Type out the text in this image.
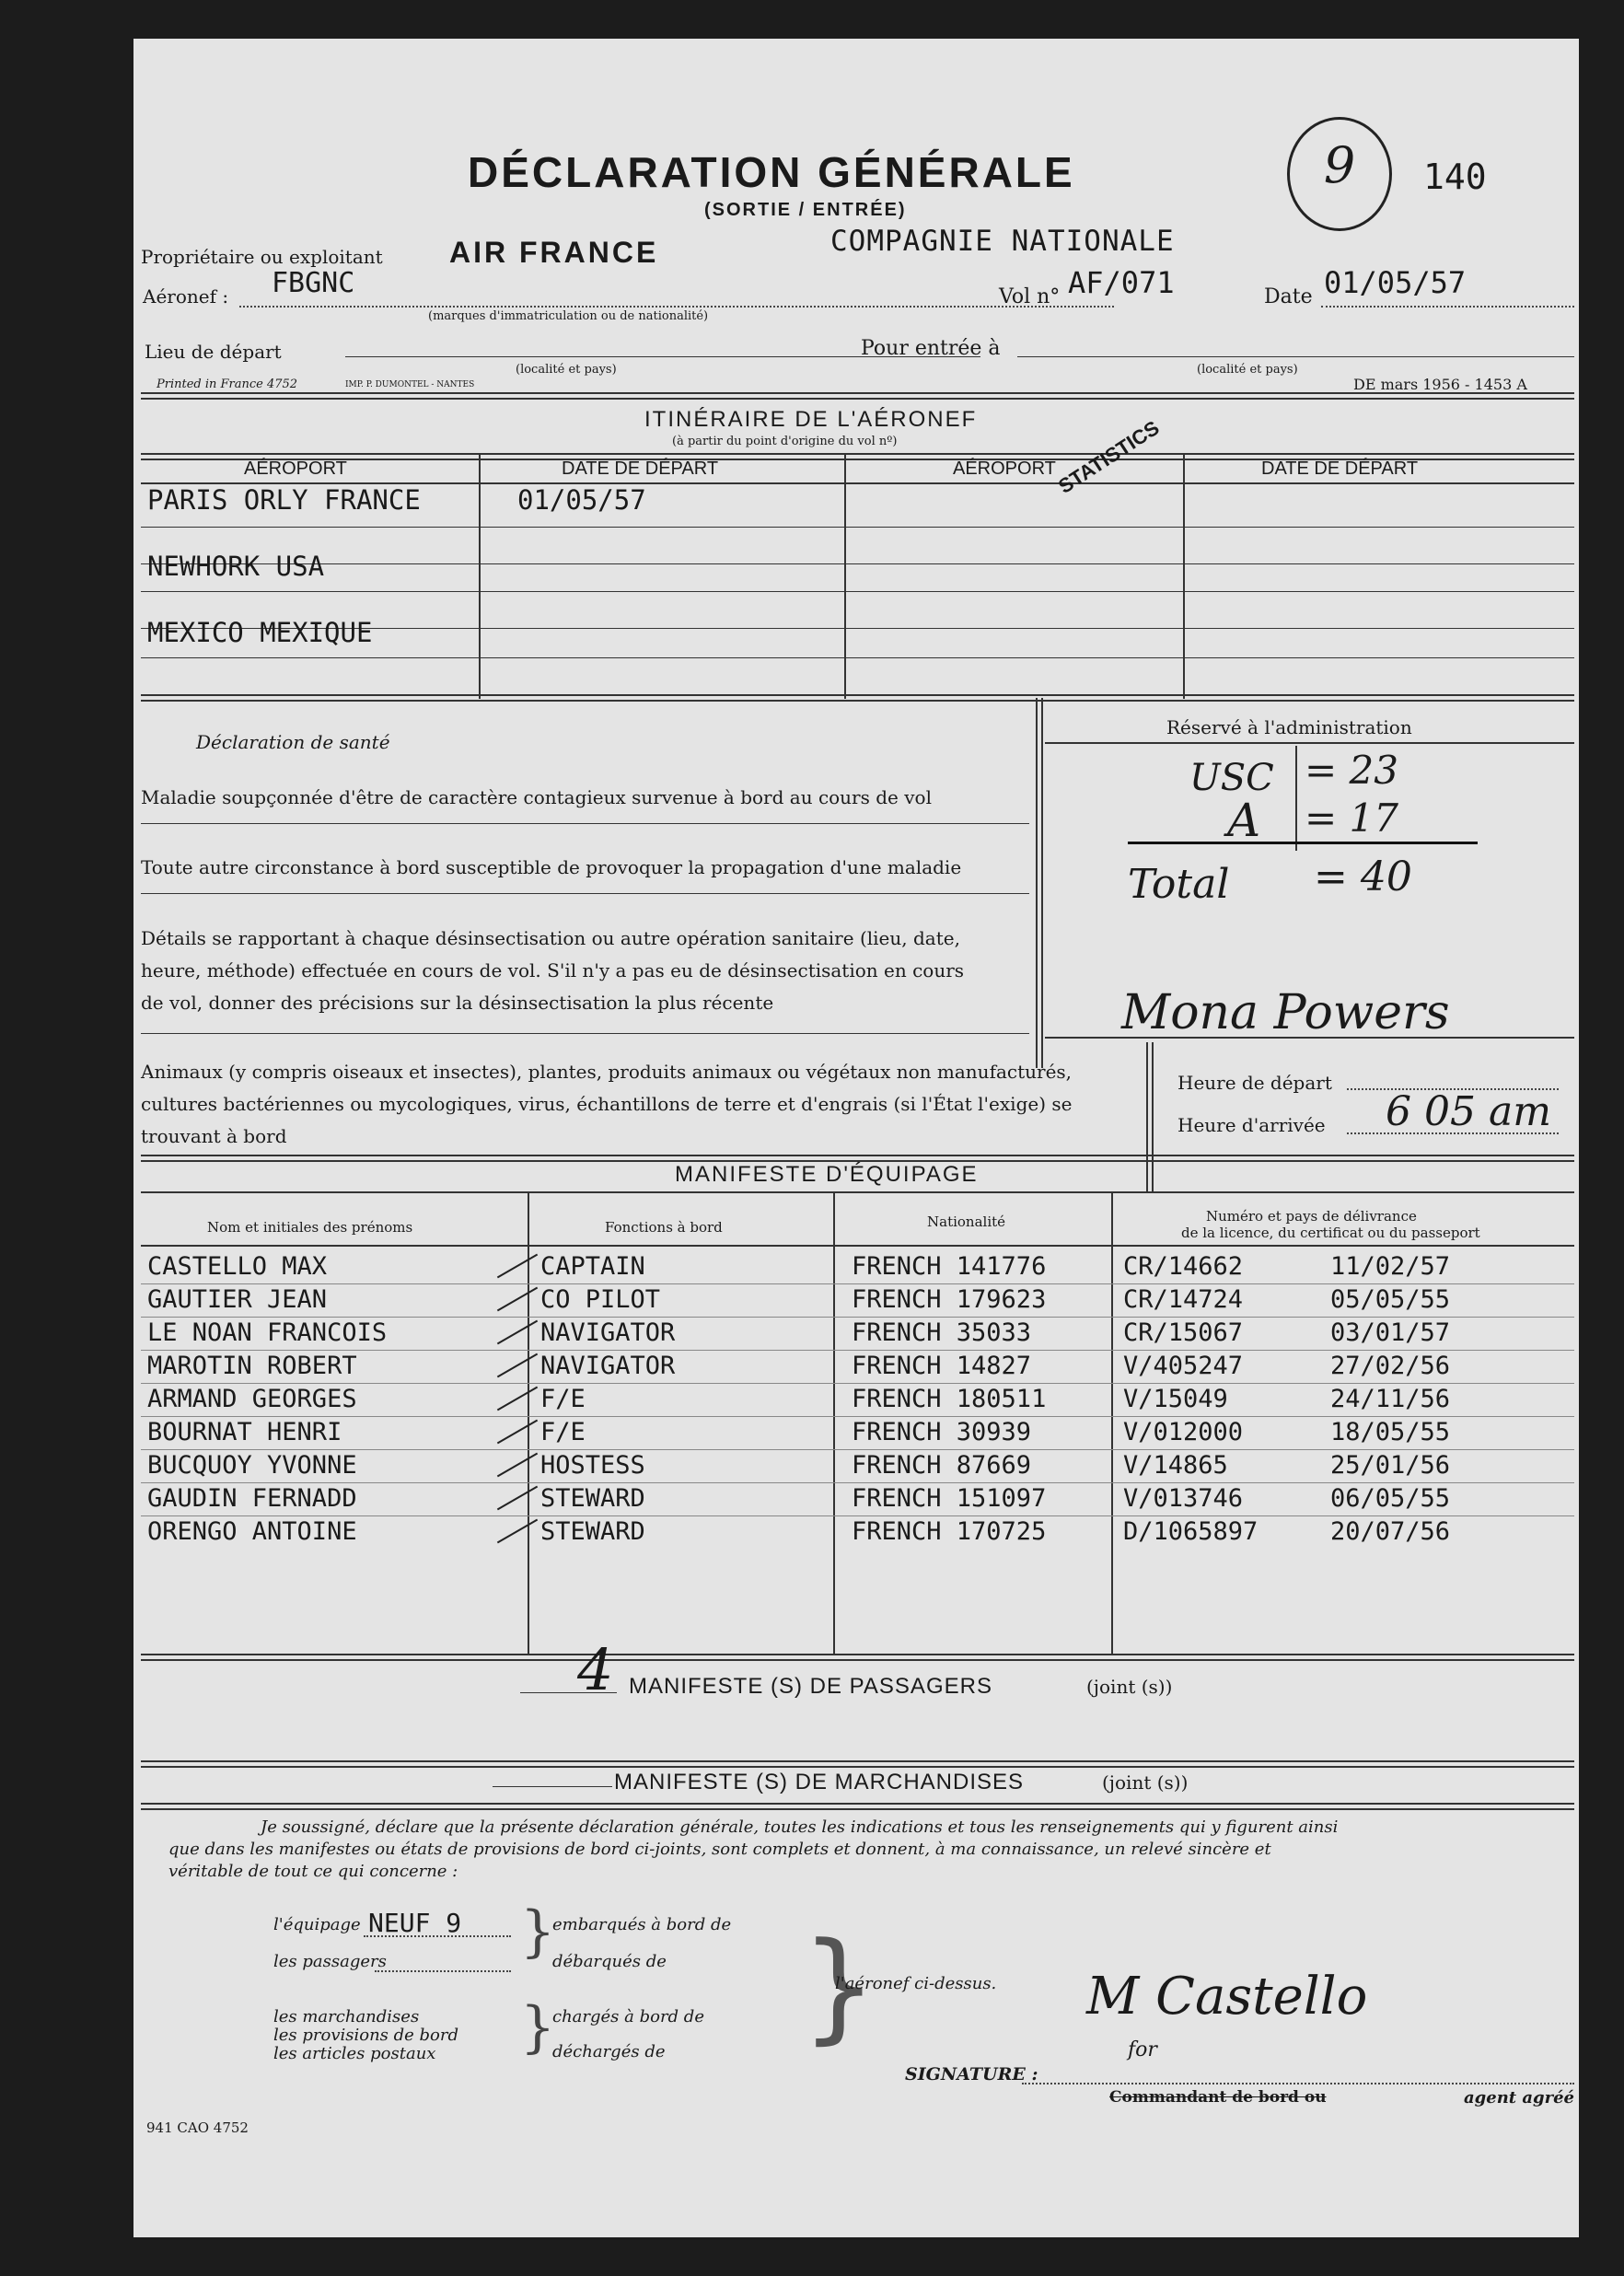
DÉCLARATION GÉNÉRALE
(SORTIE / ENTRÉE)
9	140
Propriétaire ou exploitant AIR FRANCE	COMPAGNIE NATIONALE
Aéronef : FBGNC
(marques d'immatriculation ou de nationalité)
Vol n° AF/071	Date 01/05/57
Lieu de départ
(localité et pays)
Pour entrée à
(localité et pays)
Printed in France 4752	IMP. P. DUMONTEL - NANTES	DE mars 1956 - 1453 A
ITINÉRAIRE DE L'AÉRONEF
(à partir du point d'origine du vol nº)
AÉROPORT	DATE DE DÉPART	AÉROPORT	DATE DE DÉPART
PARIS ORLY FRANCE	01/05/57
NEWHORK USA
MEXICO MEXIQUE
STATISTICS
Déclaration de santé
Maladie soupçonnée d'être de caractère contagieux survenue à bord au cours de vol
Toute autre circonstance à bord susceptible de provoquer la propagation d'une maladie
Détails se rapportant à chaque désinsectisation ou autre opération sanitaire (lieu, date,
heure, méthode) effectuée en cours de vol. S'il n'y a pas eu de désinsectisation en cours
de vol, donner des précisions sur la désinsectisation la plus récente
Réservé à l'administration
USC = 23
A = 17
Total = 40
Mona Powers
Animaux (y compris oiseaux et insectes), plantes, produits animaux ou végétaux non manufacturés,
cultures bactériennes ou mycologiques, virus, échantillons de terre et d'engrais (si l'État l'exige) se
trouvant à bord
Heure de départ
Heure d'arrivée 6 05 am
MANIFESTE D'ÉQUIPAGE
Nom et initiales des prénoms	Fonctions à bord	Nationalité	Numéro et pays de délivrance
de la licence, du certificat ou du passeport
4 MANIFESTE (S) DE PASSAGERS	(joint (s))
MANIFESTE (S) DE MARCHANDISES	(joint (s))
Je soussigné, déclare que la présente déclaration générale, toutes les indications et tous les renseignements qui y figurent ainsi
que dans les manifestes ou états de provisions de bord ci-joints, sont complets et donnent, à ma connaissance, un relevé sincère et
véritable de tout ce qui concerne :
l'équipage NEUF 9
les passagers
les marchandises
les provisions de bord
les articles postaux
}
}
embarqués à bord de
débarqués de
chargés à bord de
déchargés de }
l'aéronef ci-dessus. M Castello
for
SIGNATURE :
Commandant de bord ou	agent agréé
941 CAO 4752
CASTELLO MAX	CAPTAIN	FRENCH 141776	CR/14662	11/02/57
GAUTIER JEAN	CO PILOT	FRENCH 179623	CR/14724	05/05/55
LE NOAN FRANCOIS	NAVIGATOR	FRENCH 35033	CR/15067	03/01/57
MAROTIN ROBERT	NAVIGATOR	FRENCH 14827	V/405247	27/02/56
ARMAND GEORGES	F/E	FRENCH 180511	V/15049	24/11/56
BOURNAT HENRI	F/E	FRENCH 30939	V/012000	18/05/55
BUCQUOY YVONNE	HOSTESS	FRENCH 87669	V/14865	25/01/56
GAUDIN FERNADD	STEWARD	FRENCH 151097	V/013746	06/05/55
ORENGO ANTOINE	STEWARD	FRENCH 170725	D/1065897	20/07/56
